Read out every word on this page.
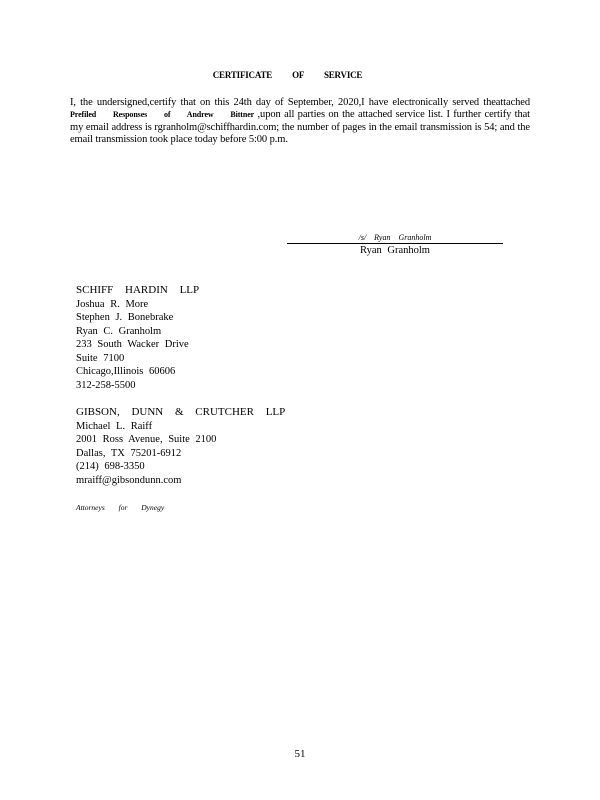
CERTIFICATE OF SERVICE
I, the undersigned,certify that on this 24th day of September, 2020,I have electronically served theattached Prefiled Responses of Andrew Bittner ,upon all parties on the attached service list. I further certify that my email address is rgranholm@schiffhardin.com; the number of pages in the email transmission is 54; and the email transmission took place today before 5:00 p.m.
/s/ Ryan Granholm
Ryan Granholm
SCHIFF HARDIN LLP
Joshua R. More
Stephen J. Bonebrake
Ryan C. Granholm
233 South Wacker Drive
Suite 7100
Chicago,Illinois 60606
312-258-5500
GIBSON, DUNN & CRUTCHER LLP
Michael L. Raiff
2001 Ross Avenue, Suite 2100
Dallas, TX 75201-6912
(214) 698-3350
mraiff@gibsondunn.com
Attorneys for Dynegy
51
